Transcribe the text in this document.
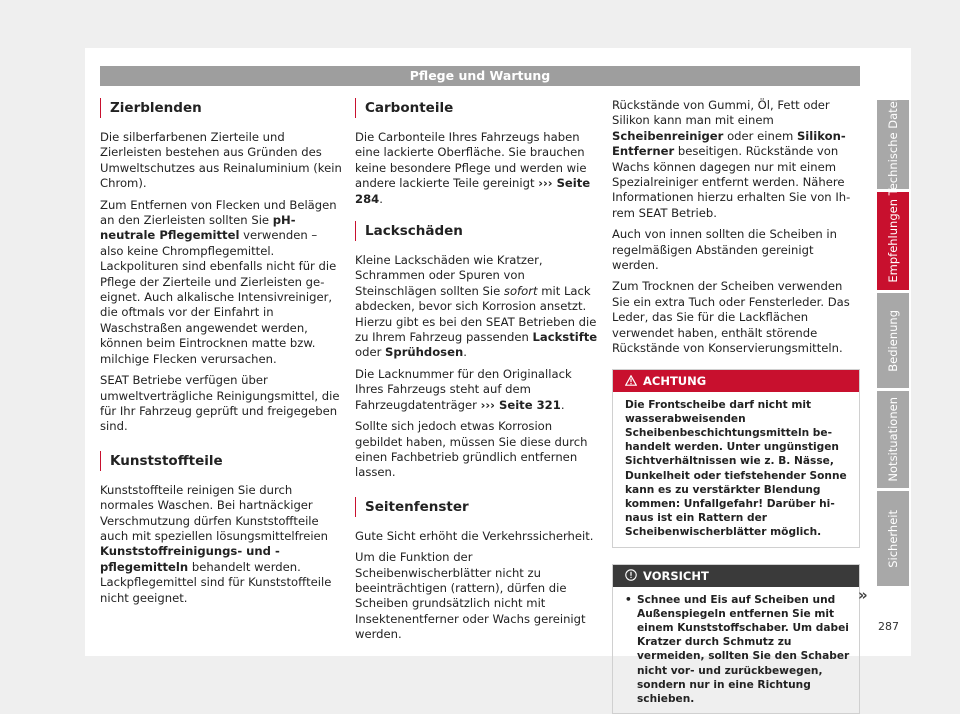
Pflege und Wartung
Zierblenden

Die silberfarbenen Zierteile und Zierleisten bestehen aus Gründen des Umweltschutzes aus Reinaluminium (kein Chrom).

Zum Entfernen von Flecken und Belägen an den Zierleisten sollten Sie pH-neutrale Pflegemittel verwenden – also keine Chrompflegemittel. Lackpolituren sind ebenfalls nicht für die Pflege der Zierteile und Zierleisten geeignet. Auch alkalische Intensivreiniger, die oftmals vor der Einfahrt in Waschstraßen angewendet werden, können beim Eintrocknen matte bzw. milchige Flecken verursachen.

SEAT Betriebe verfügen über umweltverträgliche Reinigungsmittel, die für Ihr Fahrzeug geprüft und freigegeben sind.

Kunststoffteile

Kunststoffteile reinigen Sie durch normales Waschen. Bei hartnäckiger Verschmutzung dürfen Kunststoffteile auch mit speziellen lösungsmittelfreien Kunststoffreinigungs- und -pflegemitteln behandelt werden. Lackpflegemittel sind für Kunststoffteile nicht geeignet.

Carbonteile

Die Carbonteile Ihres Fahrzeugs haben eine lackierte Oberfläche. Sie brauchen keine besondere Pflege und werden wie andere lackierte Teile gereinigt ››› Seite 284.

Lackschäden

Kleine Lackschäden wie Kratzer, Schrammen oder Spuren von Steinschlägen sollten Sie sofort mit Lack abdecken, bevor sich Korrosion ansetzt. Hierzu gibt es bei den SEAT Betrieben die zu Ihrem Fahrzeug passenden Lackstifte oder Sprühdosen.

Die Lacknummer für den Originallack Ihres Fahrzeugs steht auf dem Fahrzeugdatenträger ››› Seite 321.

Sollte sich jedoch etwas Korrosion gebildet haben, müssen Sie diese durch einen Fachbetrieb gründlich entfernen lassen.

Seitenfenster

Gute Sicht erhöht die Verkehrssicherheit.

Um die Funktion der Scheibenwischerblätter nicht zu beeinträchtigen (rattern), dürfen die Scheiben grundsätzlich nicht mit Insektenentferner oder Wachs gereinigt werden.

Rückstände von Gummi, Öl, Fett oder Silikon kann man mit einem Scheibenreiniger oder einem Silikon-Entferner beseitigen. Rückstände von Wachs können dagegen nur mit einem Spezialreiniger entfernt werden. Nähere Informationen hierzu erhalten Sie von Ihrem SEAT Betrieb.

Auch von innen sollten die Scheiben in regelmäßigen Abständen gereinigt werden.

Zum Trocknen der Scheiben verwenden Sie ein extra Tuch oder Fensterleder. Das Leder, das Sie für die Lackflächen verwendet haben, enthält störende Rückstände von Konservierungsmitteln.

ACHTUNG
Die Frontscheibe darf nicht mit wasserabweisenden Scheibenbeschichtungsmitteln behandelt werden. Unter ungünstigen Sichtverhältnissen wie z. B. Nässe, Dunkelheit oder tiefstehender Sonne kann es zu verstärkter Blendung kommen: Unfallgefahr! Darüber hinaus ist ein Rattern der Scheibenwischerblätter möglich.
VORSICHT
• Schnee und Eis auf Scheiben und Außenspiegeln entfernen Sie mit einem Kunststoffschaber. Um dabei Kratzer durch Schmutz zu vermeiden, sollten Sie den Schaber nicht vor- und zurückbewegen, sondern nur in eine Richtung schieben.
»
Technische Daten
Empfehlungen
Bedienung
Notsituationen
Sicherheit
287
